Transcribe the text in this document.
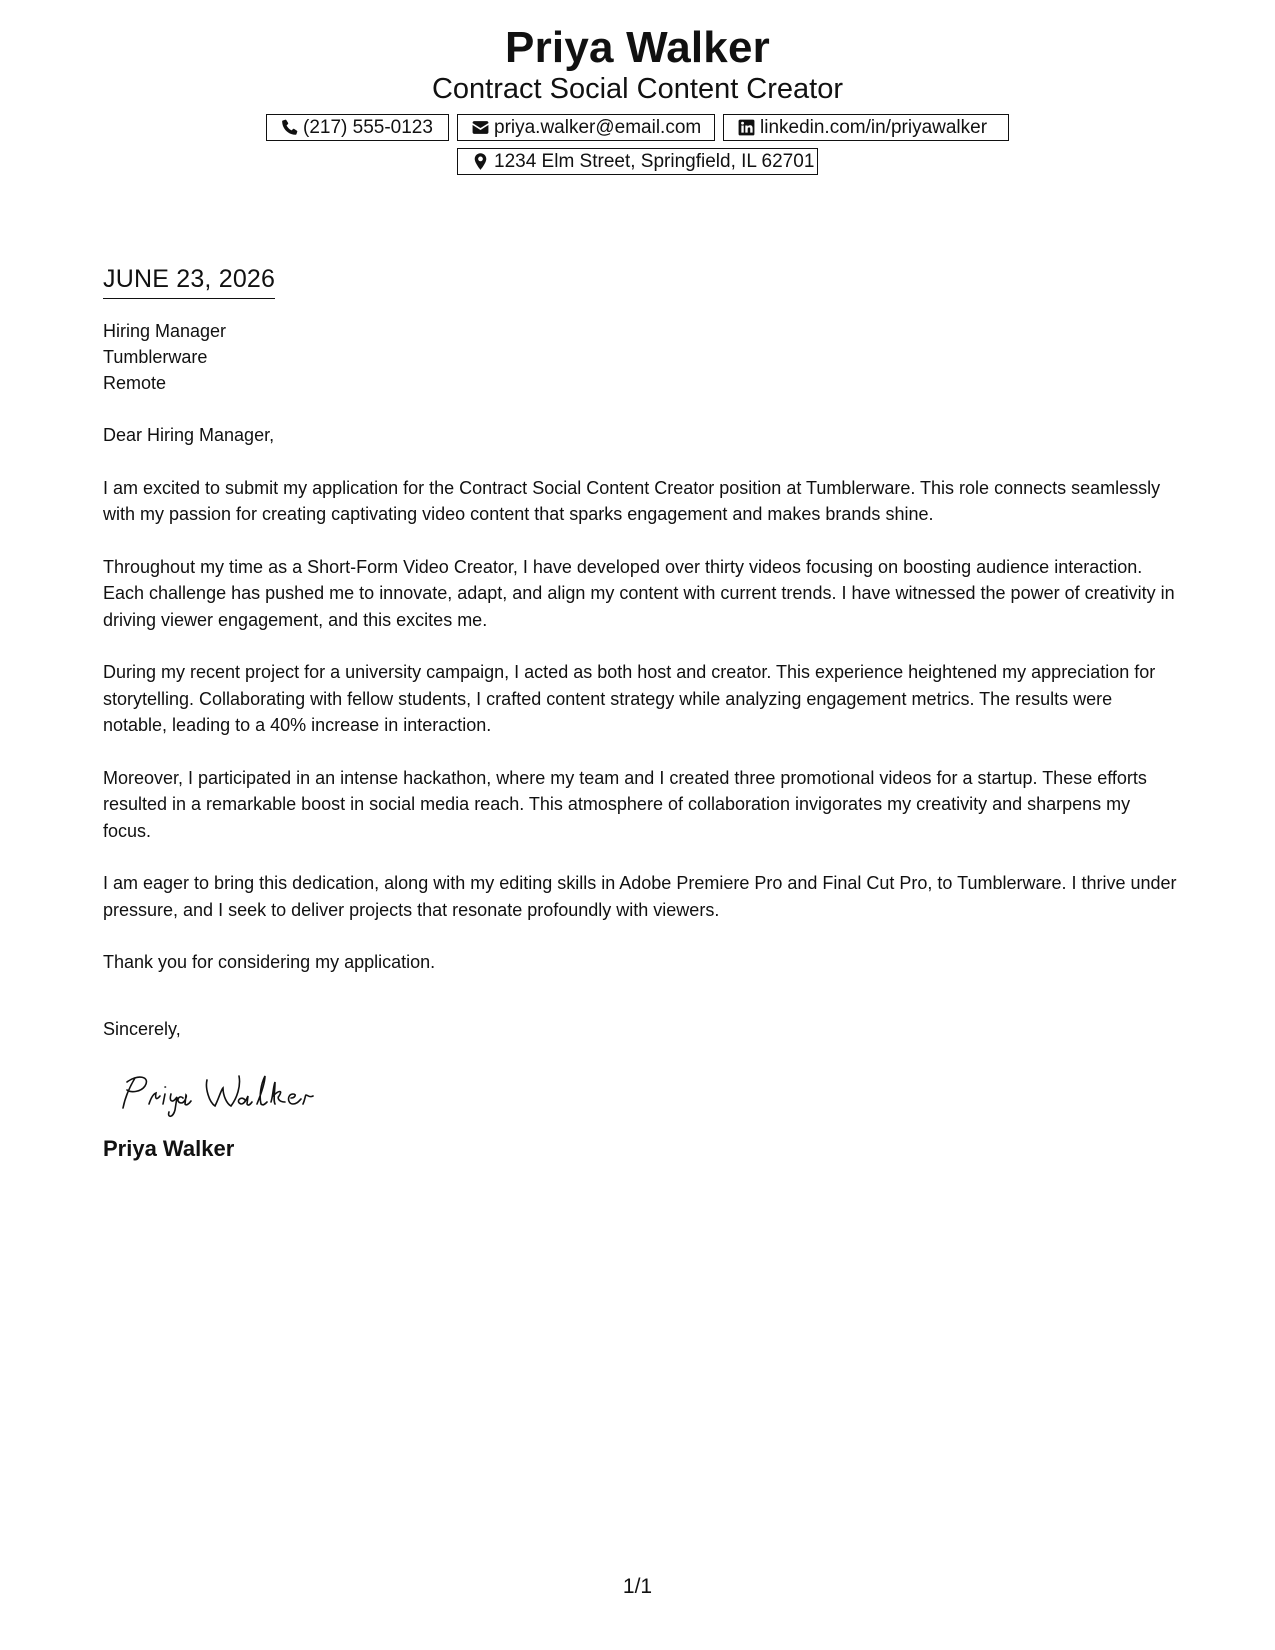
Priya Walker
Contract Social Content Creator
(217) 555-0123	priya.walker@email.com	linkedin.com/in/priyawalker
1234 Elm Street, Springfield, IL 62701
JUNE 23, 2026
Hiring Manager
Tumblerware
Remote
Dear Hiring Manager,

I am excited to submit my application for the Contract Social Content Creator position at Tumblerware. This role connects seamlessly with my passion for creating captivating video content that sparks engagement and makes brands shine.

Throughout my time as a Short-Form Video Creator, I have developed over thirty videos focusing on boosting audience interaction. Each challenge has pushed me to innovate, adapt, and align my content with current trends. I have witnessed the power of creativity in driving viewer engagement, and this excites me.

During my recent project for a university campaign, I acted as both host and creator. This experience heightened my appreciation for storytelling. Collaborating with fellow students, I crafted content strategy while analyzing engagement metrics. The results were notable, leading to a 40% increase in interaction.

Moreover, I participated in an intense hackathon, where my team and I created three promotional videos for a startup. These efforts resulted in a remarkable boost in social media reach. This atmosphere of collaboration invigorates my creativity and sharpens my focus.

I am eager to bring this dedication, along with my editing skills in Adobe Premiere Pro and Final Cut Pro, to Tumblerware. I thrive under pressure, and I seek to deliver projects that resonate profoundly with viewers.

Thank you for considering my application.
Sincerely,
Priya Walker
1/1
